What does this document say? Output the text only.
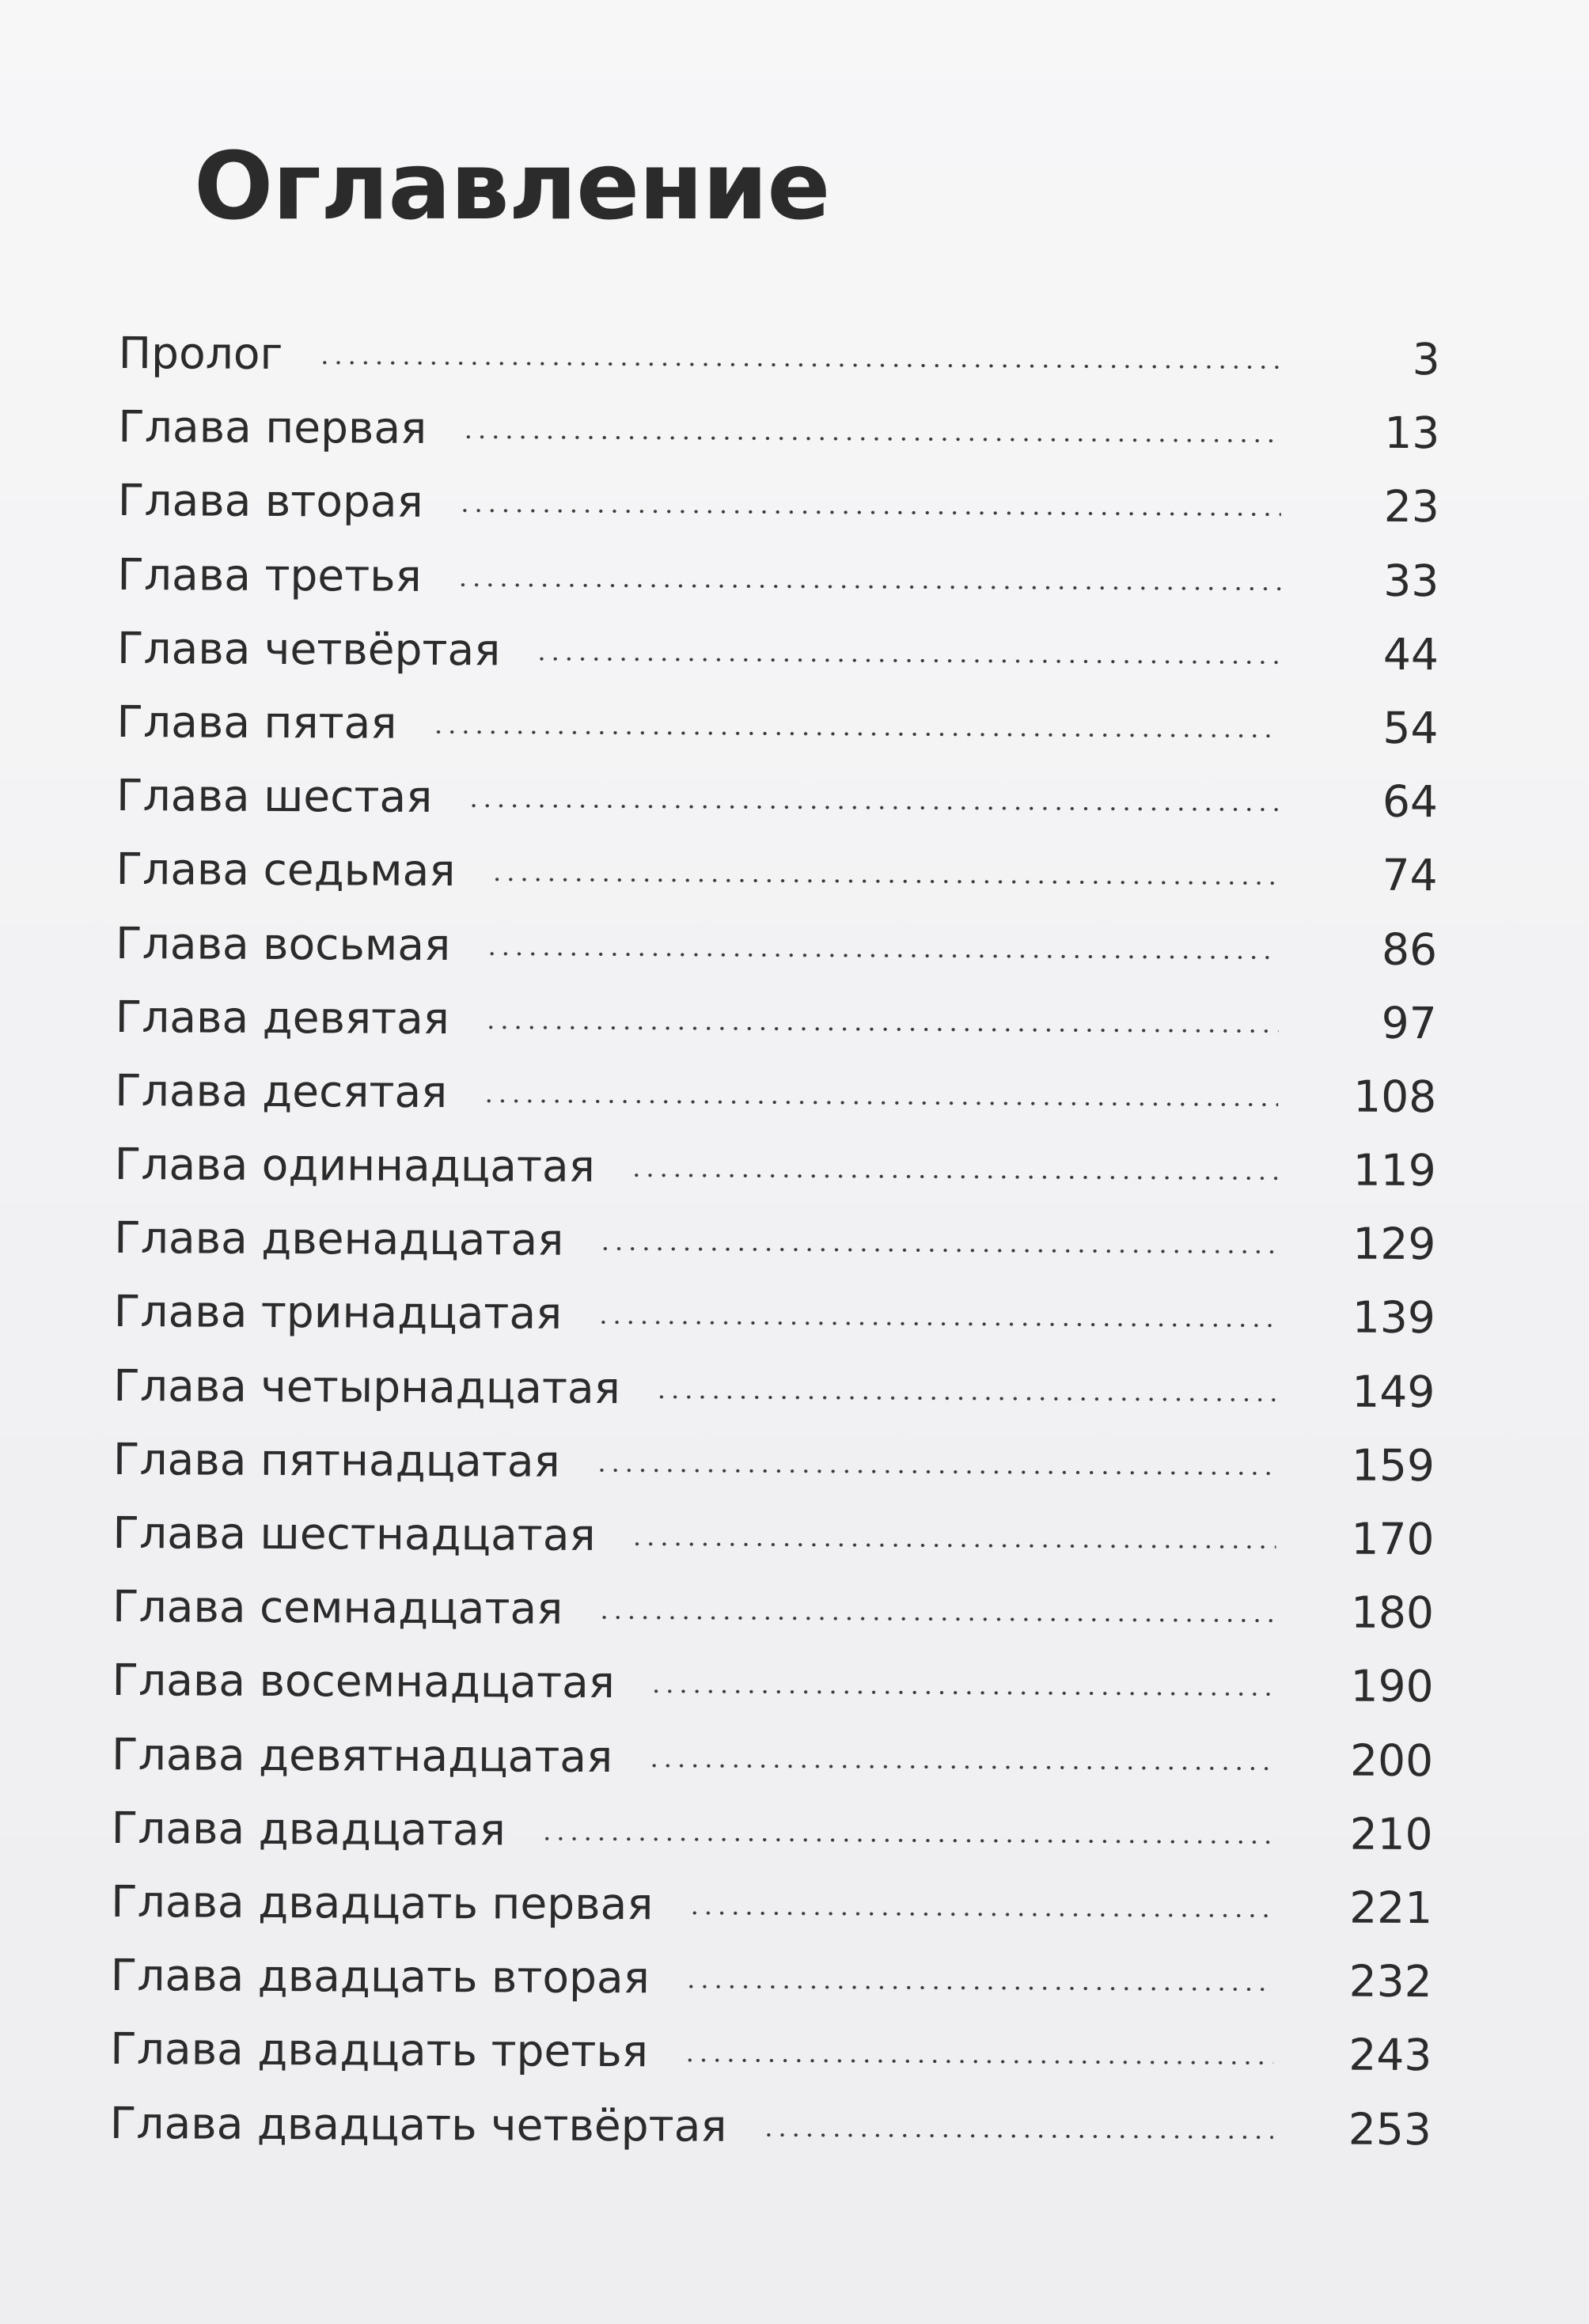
Оглавление
Пролог	3
Глава первая	13
Глава вторая	23
Глава третья	33
Глава четвёртая	44
Глава пятая	54
Глава шестая	64
Глава седьмая	74
Глава восьмая	86
Глава девятая	97
Глава десятая	108
Глава одиннадцатая	119
Глава двенадцатая	129
Глава тринадцатая	139
Глава четырнадцатая	149
Глава пятнадцатая	159
Глава шестнадцатая	170
Глава семнадцатая	180
Глава восемнадцатая	190
Глава девятнадцатая	200
Глава двадцатая	210
Глава двадцать первая	221
Глава двадцать вторая	232
Глава двадцать третья	243
Глава двадцать четвёртая	253
